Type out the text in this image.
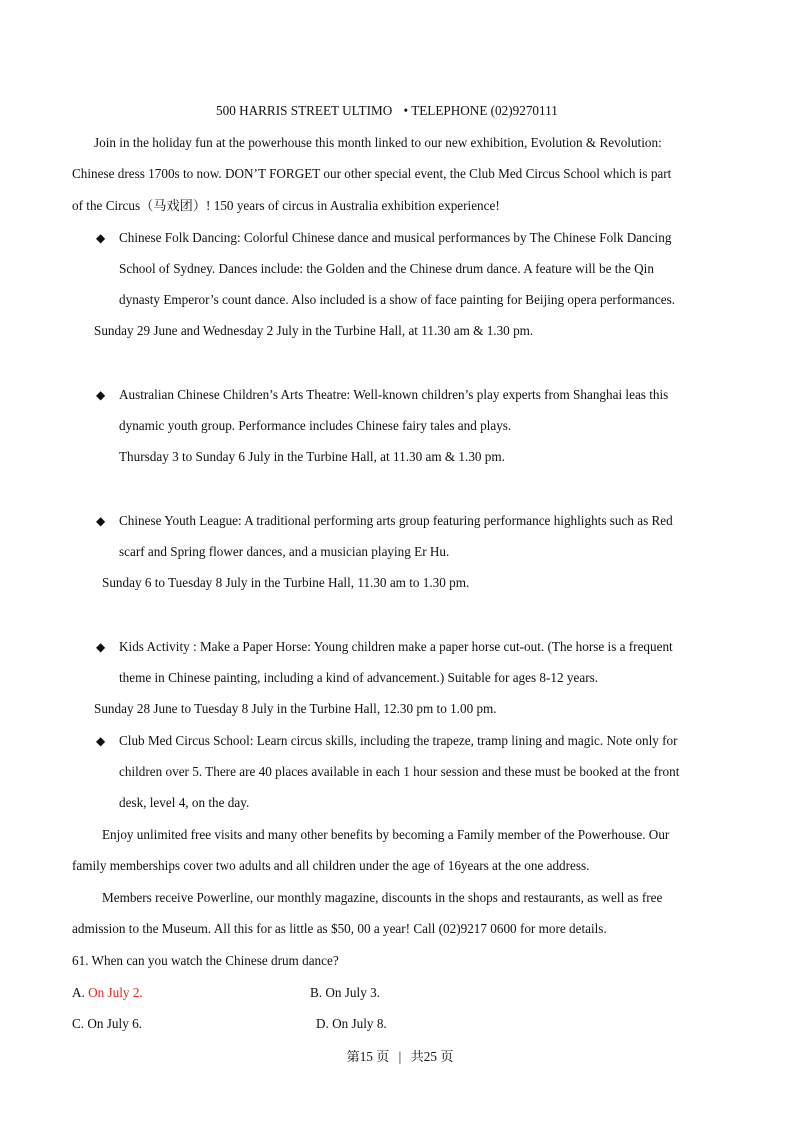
500 HARRIS STREET ULTIMO • TELEPHONE (02)9270111
Join in the holiday fun at the powerhouse this month linked to our new exhibition, Evolution & Revolution:
Chinese dress 1700s to now. DON’T FORGET our other special event, the Club Med Circus School which is part
of the Circus（马戏团）! 150 years of circus in Australia exhibition experience!
◆ Chinese Folk Dancing: Colorful Chinese dance and musical performances by The Chinese Folk Dancing
School of Sydney. Dances include: the Golden and the Chinese drum dance. A feature will be the Qin
dynasty Emperor’s count dance. Also included is a show of face painting for Beijing opera performances.
Sunday 29 June and Wednesday 2 July in the Turbine Hall, at 11.30 am & 1.30 pm.
◆ Australian Chinese Children’s Arts Theatre: Well-known children’s play experts from Shanghai leas this
dynamic youth group. Performance includes Chinese fairy tales and plays.
Thursday 3 to Sunday 6 July in the Turbine Hall, at 11.30 am & 1.30 pm.
◆ Chinese Youth League: A traditional performing arts group featuring performance highlights such as Red
scarf and Spring flower dances, and a musician playing Er Hu.
Sunday 6 to Tuesday 8 July in the Turbine Hall, 11.30 am to 1.30 pm.
◆ Kids Activity : Make a Paper Horse: Young children make a paper horse cut-out. (The horse is a frequent
theme in Chinese painting, including a kind of advancement.) Suitable for ages 8-12 years.
Sunday 28 June to Tuesday 8 July in the Turbine Hall, 12.30 pm to 1.00 pm.
◆ Club Med Circus School: Learn circus skills, including the trapeze, tramp lining and magic. Note only for
children over 5. There are 40 places available in each 1 hour session and these must be booked at the front
desk, level 4, on the day.
Enjoy unlimited free visits and many other benefits by becoming a Family member of the Powerhouse. Our
family memberships cover two adults and all children under the age of 16years at the one address.
Members receive Powerline, our monthly magazine, discounts in the shops and restaurants, as well as free
admission to the Museum. All this for as little as $50, 00 a year! Call (02)9217 0600 for more details.
61. When can you watch the Chinese drum dance?
A. On July 2.	B. On July 3.
C. On July 6.	D. On July 8.
第15 页 | 共25 页
